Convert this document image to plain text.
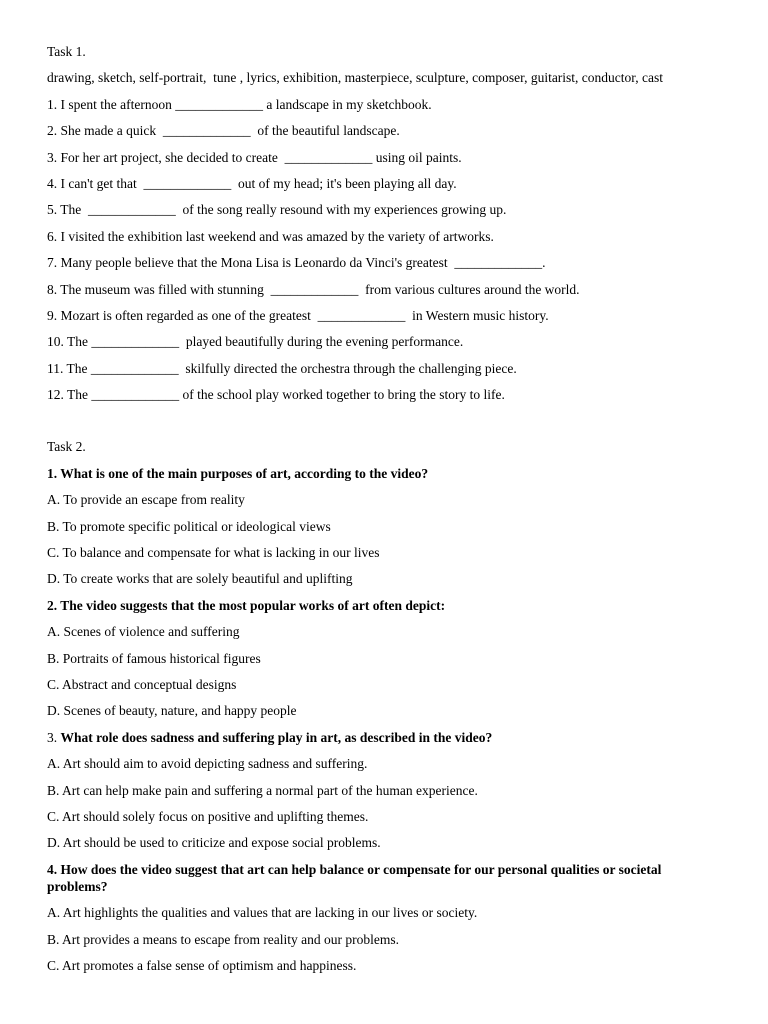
Task 1.
drawing, sketch, self-portrait,  tune , lyrics, exhibition, masterpiece, sculpture, composer, guitarist, conductor, cast
1. I spent the afternoon _____________ a landscape in my sketchbook.
2. She made a quick  _____________  of the beautiful landscape.
3. For her art project, she decided to create  _____________ using oil paints.
4. I can't get that  _____________  out of my head; it's been playing all day.
5. The  _____________  of the song really resound with my experiences growing up.
6. I visited the exhibition last weekend and was amazed by the variety of artworks.
7. Many people believe that the Mona Lisa is Leonardo da Vinci's greatest  _____________.
8. The museum was filled with stunning  _____________  from various cultures around the world.
9. Mozart is often regarded as one of the greatest  _____________  in Western music history.
10. The _____________  played beautifully during the evening performance.
11. The _____________  skilfully directed the orchestra through the challenging piece.
12. The _____________ of the school play worked together to bring the story to life.
Task 2.
1. What is one of the main purposes of art, according to the video?
A. To provide an escape from reality
B. To promote specific political or ideological views
C. To balance and compensate for what is lacking in our lives
D. To create works that are solely beautiful and uplifting
2. The video suggests that the most popular works of art often depict:
A. Scenes of violence and suffering
B. Portraits of famous historical figures
C. Abstract and conceptual designs
D. Scenes of beauty, nature, and happy people
3. What role does sadness and suffering play in art, as described in the video?
A. Art should aim to avoid depicting sadness and suffering.
B. Art can help make pain and suffering a normal part of the human experience.
C. Art should solely focus on positive and uplifting themes.
D. Art should be used to criticize and expose social problems.
4. How does the video suggest that art can help balance or compensate for our personal qualities or societal problems?
A. Art highlights the qualities and values that are lacking in our lives or society.
B. Art provides a means to escape from reality and our problems.
C. Art promotes a false sense of optimism and happiness.
